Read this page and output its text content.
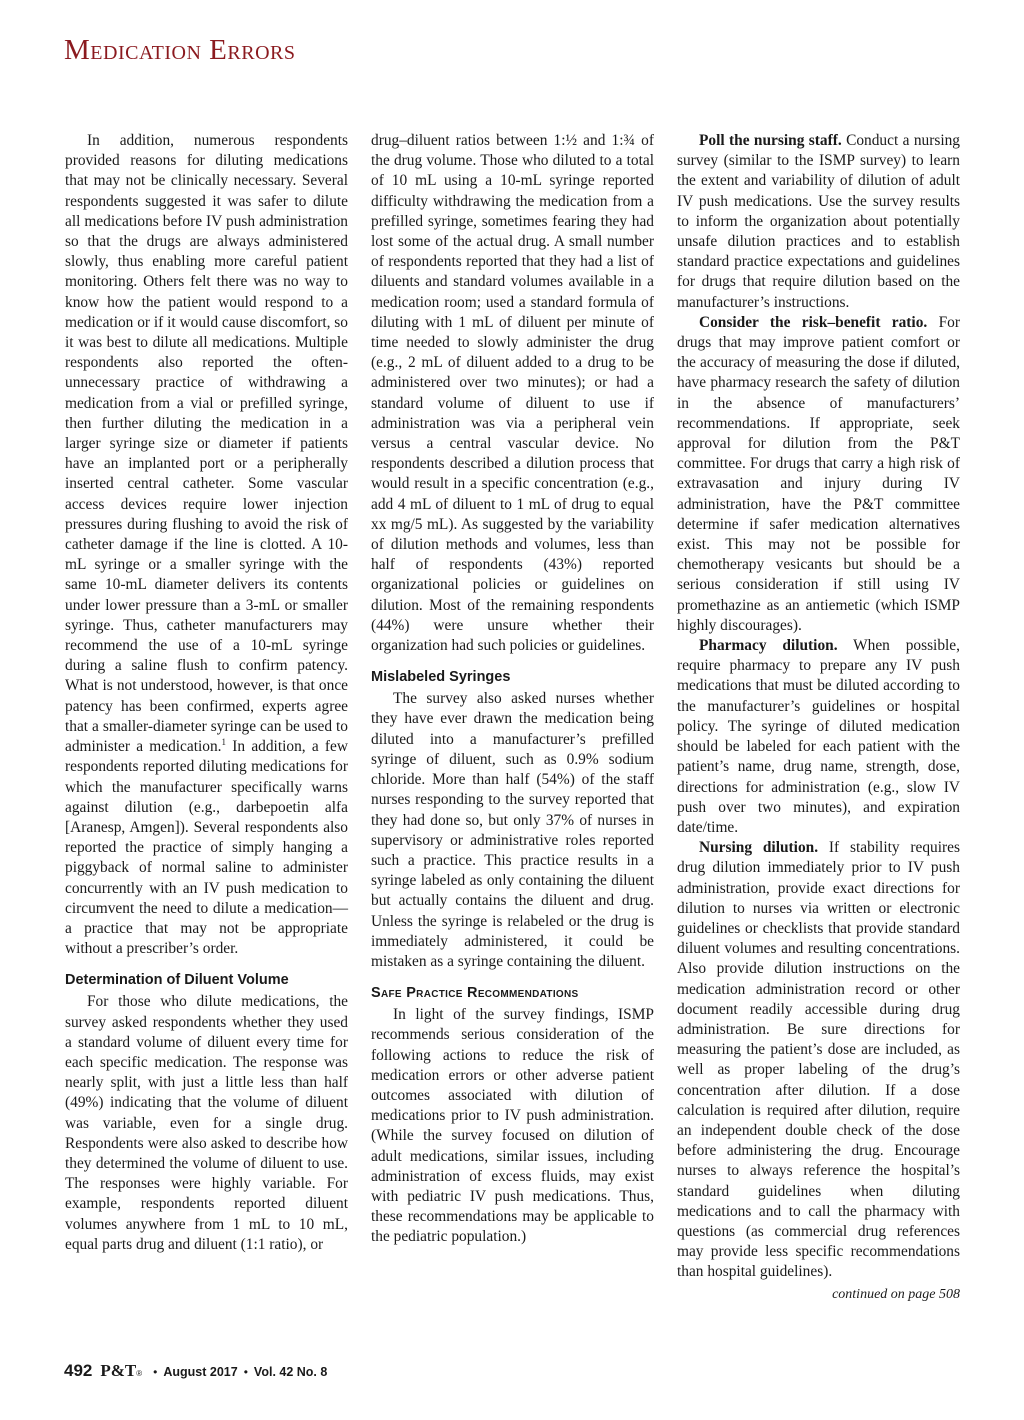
Medication Errors

In addition, numerous respondents provided reasons for diluting medications that may not be clinically necessary. Several respondents suggested it was safer to dilute all medications before IV push administration so that the drugs are always administered slowly, thus enabling more careful patient monitoring. Others felt there was no way to know how the patient would respond to a medication or if it would cause discomfort, so it was best to dilute all medications. Multiple respondents also reported the often-unnecessary practice of withdrawing a medication from a vial or prefilled syringe, then further diluting the medication in a larger syringe size or diameter if patients have an implanted port or a peripherally inserted central catheter. Some vascular access devices require lower injection pressures during flushing to avoid the risk of catheter damage if the line is clotted. A 10-mL syringe or a smaller syringe with the same 10-mL diameter delivers its contents under lower pressure than a 3-mL or smaller syringe. Thus, catheter manufacturers may recommend the use of a 10-mL syringe during a saline flush to confirm patency. What is not understood, however, is that once patency has been confirmed, experts agree that a smaller-diameter syringe can be used to administer a medication.$^1$ In addition, a few respondents reported diluting medications for which the manufacturer specifically warns against dilution (e.g., darbepoetin alfa [Aranesp, Amgen]). Several respondents also reported the practice of simply hanging a piggyback of normal saline to administer concurrently with an IV push medication to circumvent the need to dilute a medication—a practice that may not be appropriate without a prescriber’s order.

Determination of Diluent Volume

For those who dilute medications, the survey asked respondents whether they used a standard volume of diluent every time for each specific medication. The response was nearly split, with just a little less than half (49%) indicating that the volume of diluent was variable, even for a single drug. Respondents were also asked to describe how they determined the volume of diluent to use. The responses were highly variable. For example, respondents reported diluent volumes anywhere from 1 mL to 10 mL, equal parts drug and diluent (1:1 ratio), or

drug–diluent ratios between 1:½ and 1:¾ of the drug volume. Those who diluted to a total of 10 mL using a 10-mL syringe reported difficulty withdrawing the medication from a prefilled syringe, sometimes fearing they had lost some of the actual drug. A small number of respondents reported that they had a list of diluents and standard volumes available in a medication room; used a standard formula of diluting with 1 mL of diluent per minute of time needed to slowly administer the drug (e.g., 2 mL of diluent added to a drug to be administered over two minutes); or had a standard volume of diluent to use if administration was via a peripheral vein versus a central vascular device. No respondents described a dilution process that would result in a specific concentration (e.g., add 4 mL of diluent to 1 mL of drug to equal xx mg/5 mL). As suggested by the variability of dilution methods and volumes, less than half of respondents (43%) reported organizational policies or guidelines on dilution. Most of the remaining respondents (44%) were unsure whether their organization had such policies or guidelines.

Mislabeled Syringes

The survey also asked nurses whether they have ever drawn the medication being diluted into a manufacturer’s prefilled syringe of diluent, such as 0.9% sodium chloride. More than half (54%) of the staff nurses responding to the survey reported that they had done so, but only 37% of nurses in supervisory or administrative roles reported such a practice. This practice results in a syringe labeled as only containing the diluent but actually contains the diluent and drug. Unless the syringe is relabeled or the drug is immediately administered, it could be mistaken as a syringe containing the diluent.

Safe Practice Recommendations

In light of the survey findings, ISMP recommends serious consideration of the following actions to reduce the risk of medication errors or other adverse patient outcomes associated with dilution of medications prior to IV push administration. (While the survey focused on dilution of adult medications, similar issues, including administration of excess fluids, may exist with pediatric IV push medications. Thus, these recommendations may be applicable to the pediatric population.)

Poll the nursing staff. Conduct a nursing survey (similar to the ISMP survey) to learn the extent and variability of dilution of adult IV push medications. Use the survey results to inform the organization about potentially unsafe dilution practices and to establish standard practice expectations and guidelines for drugs that require dilution based on the manufacturer’s instructions.

Consider the risk–benefit ratio. For drugs that may improve patient comfort or the accuracy of measuring the dose if diluted, have pharmacy research the safety of dilution in the absence of manufacturers’ recommendations. If appropriate, seek approval for dilution from the P&T committee. For drugs that carry a high risk of extravasation and injury during IV administration, have the P&T committee determine if safer medication alternatives exist. This may not be possible for chemotherapy vesicants but should be a serious consideration if still using IV promethazine as an antiemetic (which ISMP highly discourages).

Pharmacy dilution. When possible, require pharmacy to prepare any IV push medications that must be diluted according to the manufacturer’s guidelines or hospital policy. The syringe of diluted medication should be labeled for each patient with the patient’s name, drug name, strength, dose, directions for administration (e.g., slow IV push over two minutes), and expiration date/time.

Nursing dilution. If stability requires drug dilution immediately prior to IV push administration, provide exact directions for dilution to nurses via written or electronic guidelines or checklists that provide standard diluent volumes and resulting concentrations. Also provide dilution instructions on the medication administration record or other document readily accessible during drug administration. Be sure directions for measuring the patient’s dose are included, as well as proper labeling of the drug’s concentration after dilution. If a dose calculation is required after dilution, require an independent double check of the dose before administering the drug. Encourage nurses to always reference the hospital’s standard guidelines when diluting medications and to call the pharmacy with questions (as commercial drug references may provide less specific recommendations than hospital guidelines).

continued on page 508
492 P&T ® • August 2017 • Vol. 42 No. 8
